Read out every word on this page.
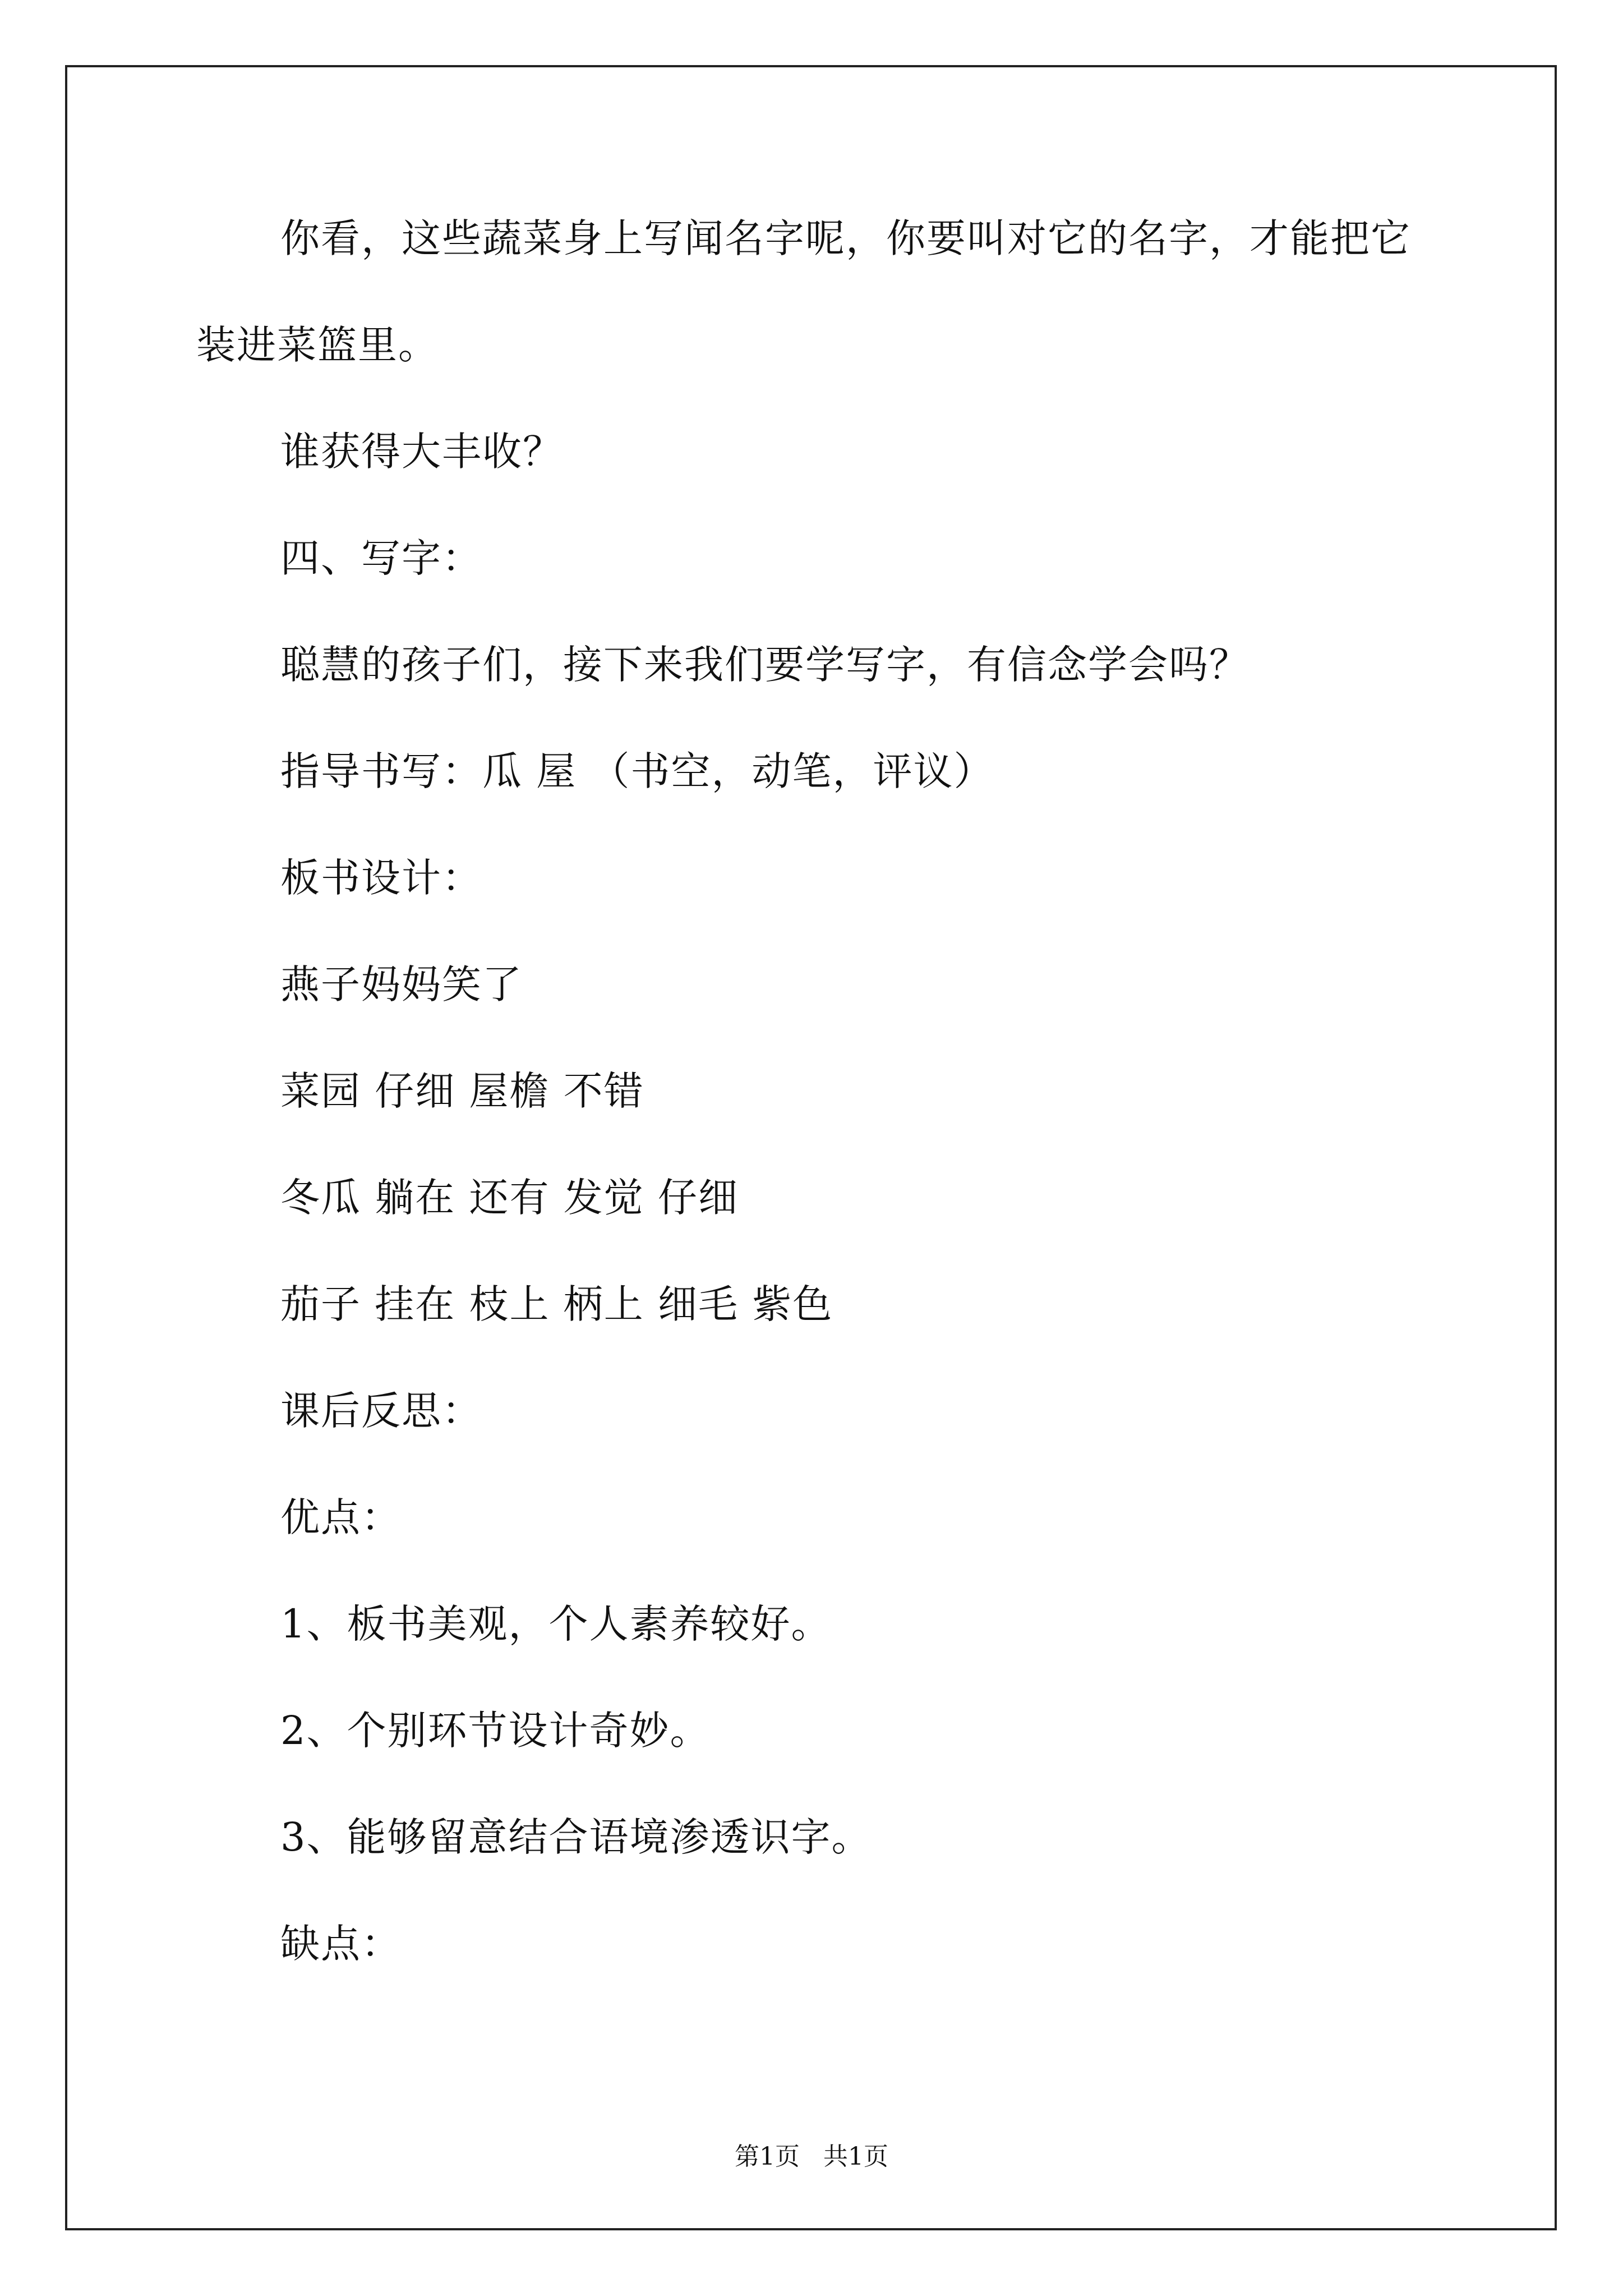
你看，这些蔬菜身上写闻名字呢，你要叫对它的名字，才能把它
装进菜篮里。
谁获得大丰收？
四、写字：
聪慧的孩子们，接下来我们要学写字，有信念学会吗？
指导书写：瓜 屋 （书空，动笔，评议）
板书设计：
燕子妈妈笑了
菜园 仔细 屋檐 不错
冬瓜 躺在 还有 发觉 仔细
茄子 挂在 枝上 柄上 细毛 紫色
课后反思：
优点：
1、板书美观，个人素养较好。
2、个别环节设计奇妙。
3、能够留意结合语境渗透识字。
缺点：
第1页   共1页
